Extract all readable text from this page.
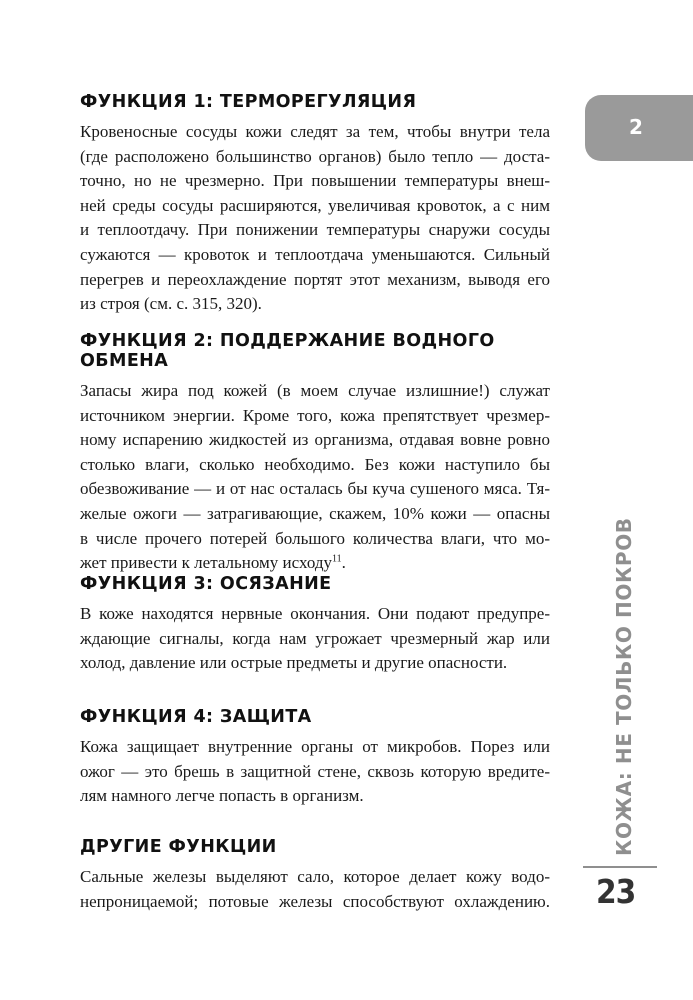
2
ФУНКЦИЯ 1: ТЕРМОРЕГУЛЯЦИЯ
Кровеносные сосуды кожи следят за тем, чтобы внутри тела
(где расположено большинство органов) было тепло — доста-
точно, но не чрезмерно. При повышении температуры внеш-
ней среды сосуды расширяются, увеличивая кровоток, а с ним
и теплоотдачу. При понижении температуры снаружи сосуды
сужаются — кровоток и теплоотдача уменьшаются. Сильный
перегрев и переохлаждение портят этот механизм, выводя его
из строя (см. с. 315, 320).
ФУНКЦИЯ 2: ПОДДЕРЖАНИЕ ВОДНОГО ОБМЕНА
Запасы жира под кожей (в моем случае излишние!) служат
источником энергии. Кроме того, кожа препятствует чрезмер-
ному испарению жидкостей из организма, отдавая вовне ровно
столько влаги, сколько необходимо. Без кожи наступило бы
обезвоживание — и от нас осталась бы куча сушеного мяса. Тя-
желые ожоги — затрагивающие, скажем, 10% кожи — опасны
в числе прочего потерей большого количества влаги, что мо-
жет привести к летальному исходу$^{11}$.
ФУНКЦИЯ 3: ОСЯЗАНИЕ
В коже находятся нервные окончания. Они подают предупре-
ждающие сигналы, когда нам угрожает чрезмерный жар или
холод, давление или острые предметы и другие опасности.
ФУНКЦИЯ 4: ЗАЩИТА
Кожа защищает внутренние органы от микробов. Порез или
ожог — это брешь в защитной стене, сквозь которую вредите-
лям намного легче попасть в организм.
ДРУГИЕ ФУНКЦИИ
Сальные железы выделяют сало, которое делает кожу водо-
непроницаемой; потовые железы способствуют охлаждению.
КОЖА: НЕ ТОЛЬКО ПОКРОВ
23
